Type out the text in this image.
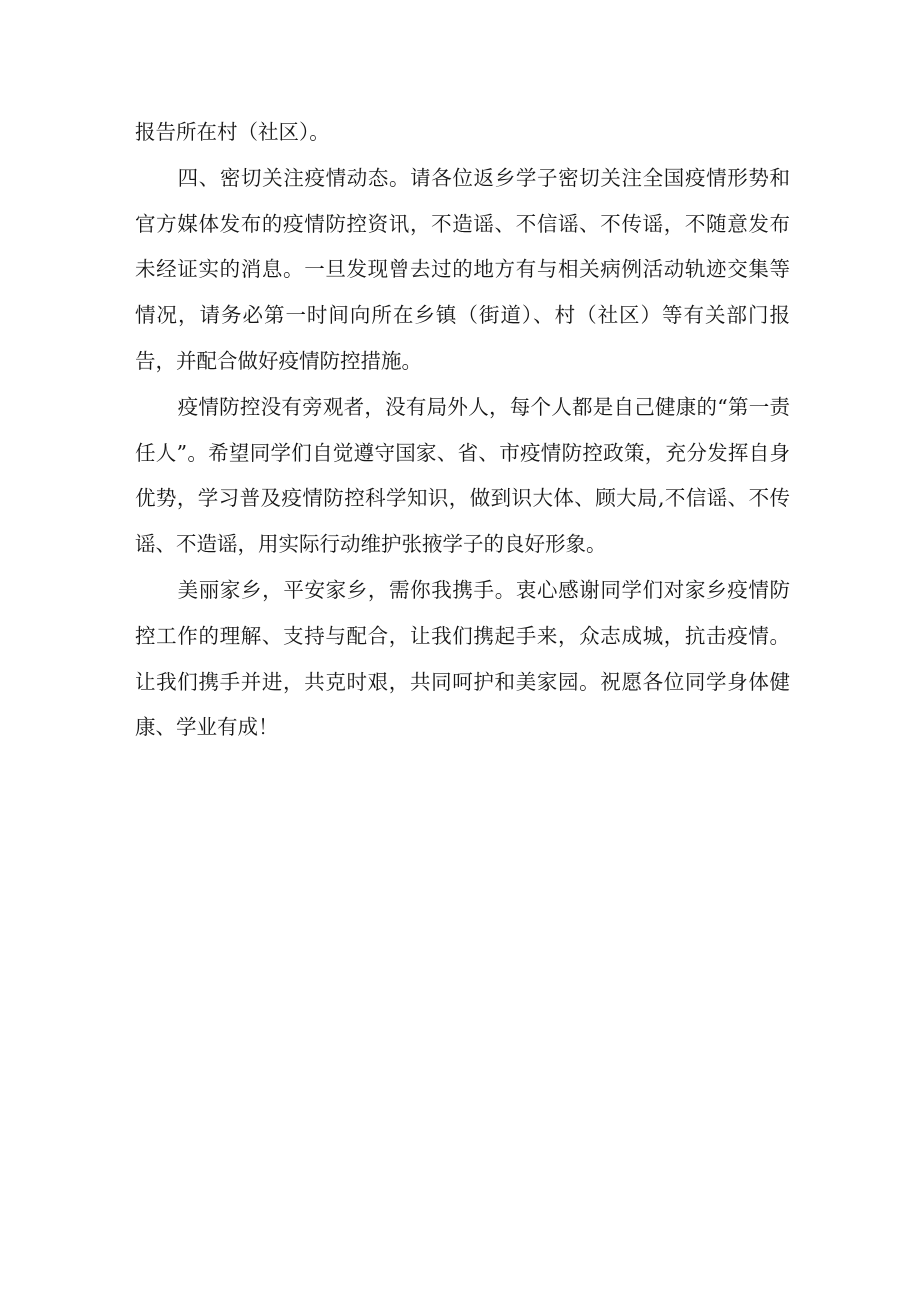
报告所在村（社区）。

四、密切关注疫情动态。请各位返乡学子密切关注全国疫情形势和官方媒体发布的疫情防控资讯，不造谣、不信谣、不传谣，不随意发布未经证实的消息。一旦发现曾去过的地方有与相关病例活动轨迹交集等情况，请务必第一时间向所在乡镇（街道）、村（社区）等有关部门报告，并配合做好疫情防控措施。

疫情防控没有旁观者，没有局外人，每个人都是自己健康的“第一责任人”。希望同学们自觉遵守国家、省、市疫情防控政策，充分发挥自身优势，学习普及疫情防控科学知识，做到识大体、顾大局,不信谣、不传谣、不造谣，用实际行动维护张掖学子的良好形象。

美丽家乡，平安家乡，需你我携手。衷心感谢同学们对家乡疫情防控工作的理解、支持与配合，让我们携起手来，众志成城，抗击疫情。让我们携手并进，共克时艰，共同呵护和美家园。祝愿各位同学身体健康、学业有成！
